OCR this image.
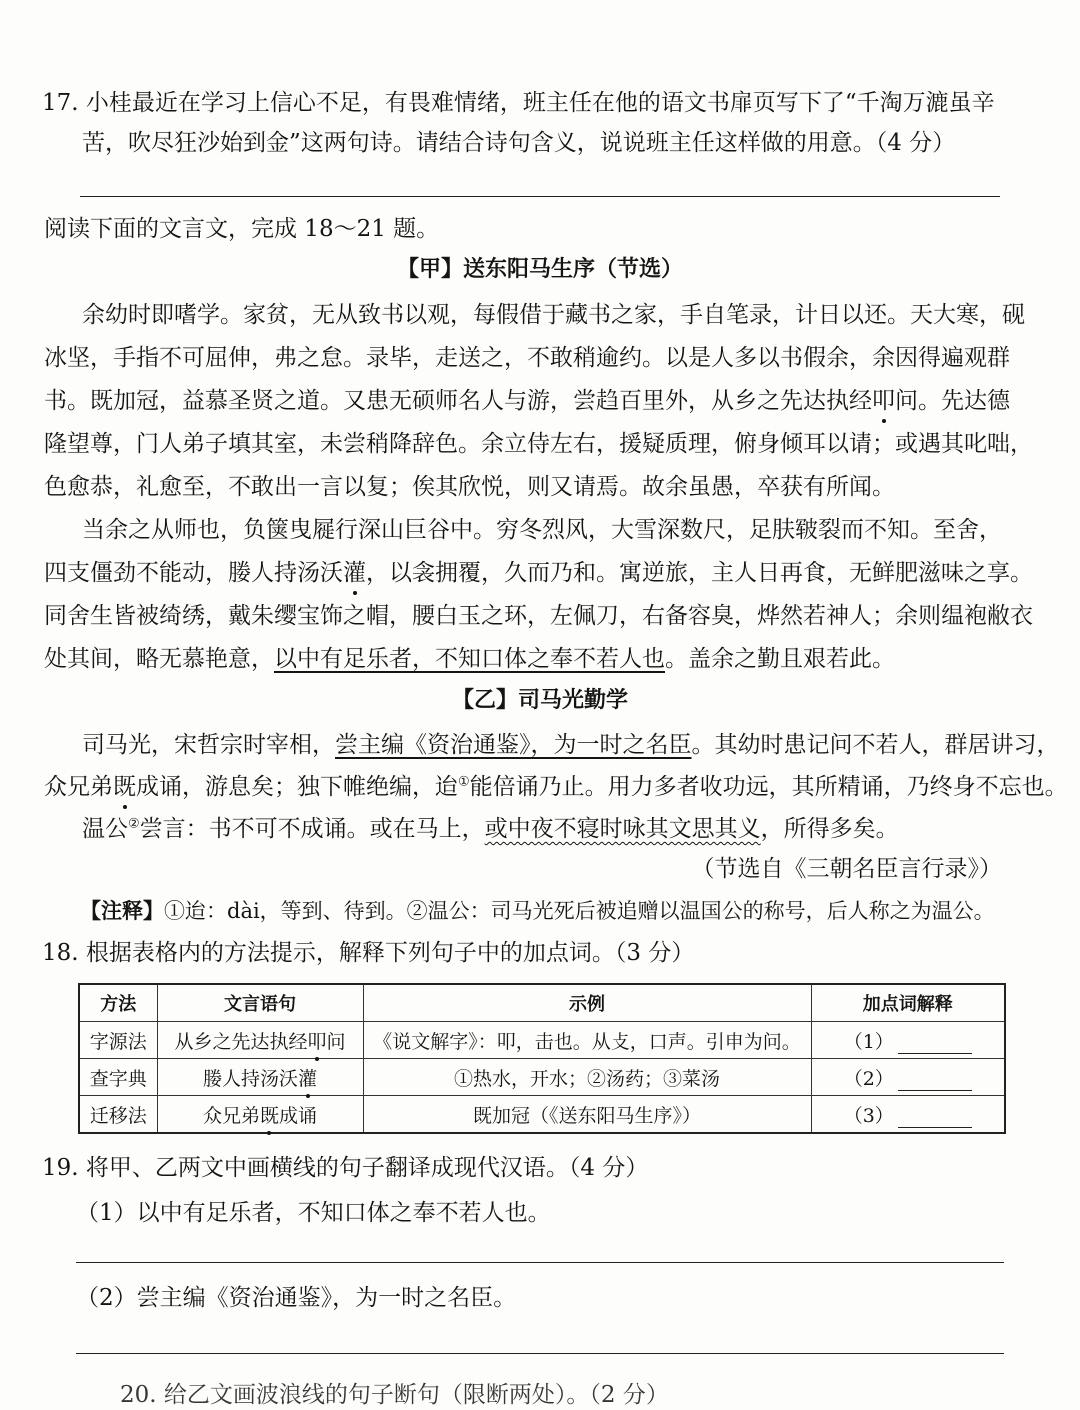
17. 小桂最近在学习上信心不足，有畏难情绪，班主任在他的语文书扉页写下了“千淘万漉虽辛
苦，吹尽狂沙始到金”这两句诗。请结合诗句含义，说说班主任这样做的用意。（4 分）
阅读下面的文言文，完成 18～21 题。
【甲】送东阳马生序（节选）
余幼时即嗜学。家贫，无从致书以观，每假借于藏书之家，手自笔录，计日以还。天大寒，砚
冰坚，手指不可屈伸，弗之怠。录毕，走送之，不敢稍逾约。以是人多以书假余，余因得遍观群
书。既加冠，益慕圣贤之道。又患无硕师名人与游，尝趋百里外，从乡之先达执经叩问。先达德
隆望尊，门人弟子填其室，未尝稍降辞色。余立侍左右，援疑质理，俯身倾耳以请；或遇其叱咄，
色愈恭，礼愈至，不敢出一言以复；俟其欣悦，则又请焉。故余虽愚，卒获有所闻。
当余之从师也，负箧曳屣行深山巨谷中。穷冬烈风，大雪深数尺，足肤皲裂而不知。至舍，
四支僵劲不能动，媵人持汤沃灌，以衾拥覆，久而乃和。寓逆旅，主人日再食，无鲜肥滋味之享。
同舍生皆被绮绣，戴朱缨宝饰之帽，腰白玉之环，左佩刀，右备容臭，烨然若神人；余则缊袍敝衣
处其间，略无慕艳意，以中有足乐者，不知口体之奉不若人也。盖余之勤且艰若此。
【乙】司马光勤学
司马光，宋哲宗时宰相，尝主编《资治通鉴》，为一时之名臣。其幼时患记问不若人，群居讲习，
众兄弟既成诵，游息矣；独下帷绝编，迨①能倍诵乃止。用力多者收功远，其所精诵，乃终身不忘也。
温公②尝言：书不可不成诵。或在马上，或中夜不寝时咏其文思其义，所得多矣。
（节选自《三朝名臣言行录》）
【注释】①迨：dài，等到、待到。②温公：司马光死后被追赠以温国公的称号，后人称之为温公。
18. 根据表格内的方法提示，解释下列句子中的加点词。（3 分）
方法	文言语句	示例	加点词解释
字源法	从乡之先达执经叩问	《说文解字》：叩，击也。从攴，口声。引申为问。	（1）
查字典	媵人持汤沃灌	①热水，开水；②汤药；③菜汤	（2）
迁移法	众兄弟既成诵	既加冠（《送东阳马生序》）	（3）
19. 将甲、乙两文中画横线的句子翻译成现代汉语。（4 分）
（1）以中有足乐者，不知口体之奉不若人也。
（2）尝主编《资治通鉴》，为一时之名臣。
20. 给乙文画波浪线的句子断句（限断两处）。（2 分）
